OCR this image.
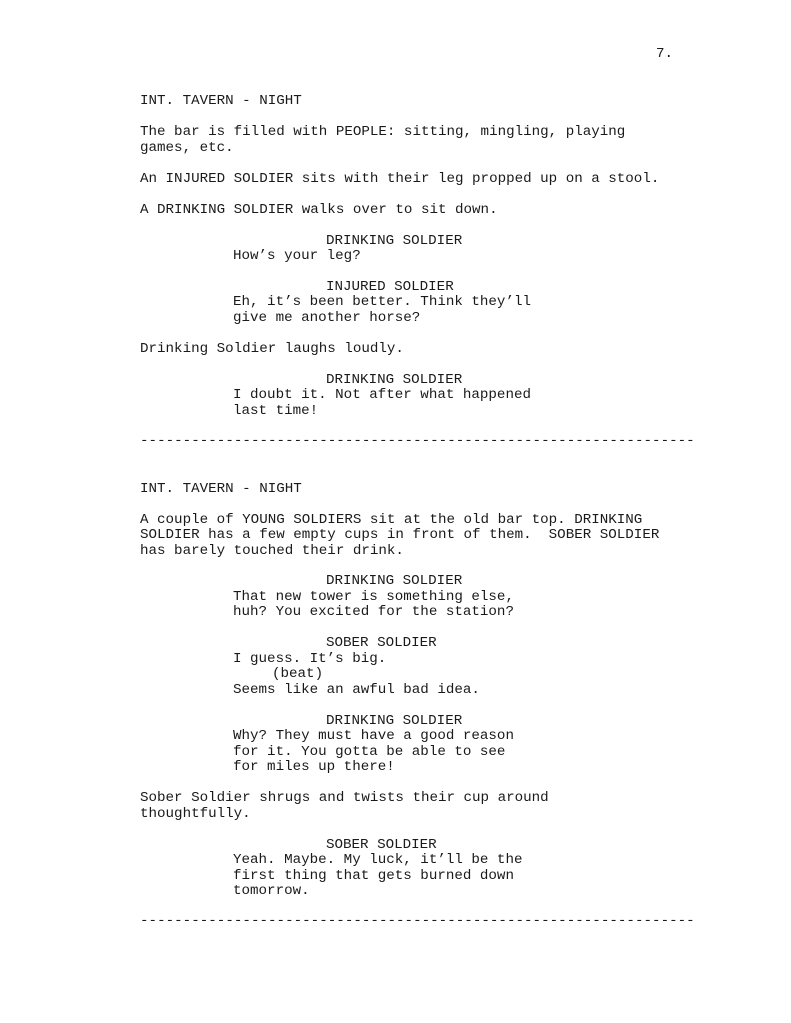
7.
INT. TAVERN - NIGHT
The bar is filled with PEOPLE: sitting, mingling, playing
games, etc.
An INJURED SOLDIER sits with their leg propped up on a stool.
A DRINKING SOLDIER walks over to sit down.
DRINKING SOLDIER
How’s your leg?
INJURED SOLDIER
Eh, it’s been better. Think they’ll
give me another horse?
Drinking Soldier laughs loudly.
DRINKING SOLDIER
I doubt it. Not after what happened
last time!
-----------------------------------------------------------------
INT. TAVERN - NIGHT
A couple of YOUNG SOLDIERS sit at the old bar top. DRINKING
SOLDIER has a few empty cups in front of them.  SOBER SOLDIER
has barely touched their drink.
DRINKING SOLDIER
That new tower is something else,
huh? You excited for the station?
SOBER SOLDIER
I guess. It’s big.
(beat)
Seems like an awful bad idea.
DRINKING SOLDIER
Why? They must have a good reason
for it. You gotta be able to see
for miles up there!
Sober Soldier shrugs and twists their cup around
thoughtfully.
SOBER SOLDIER
Yeah. Maybe. My luck, it’ll be the
first thing that gets burned down
tomorrow.
-----------------------------------------------------------------
